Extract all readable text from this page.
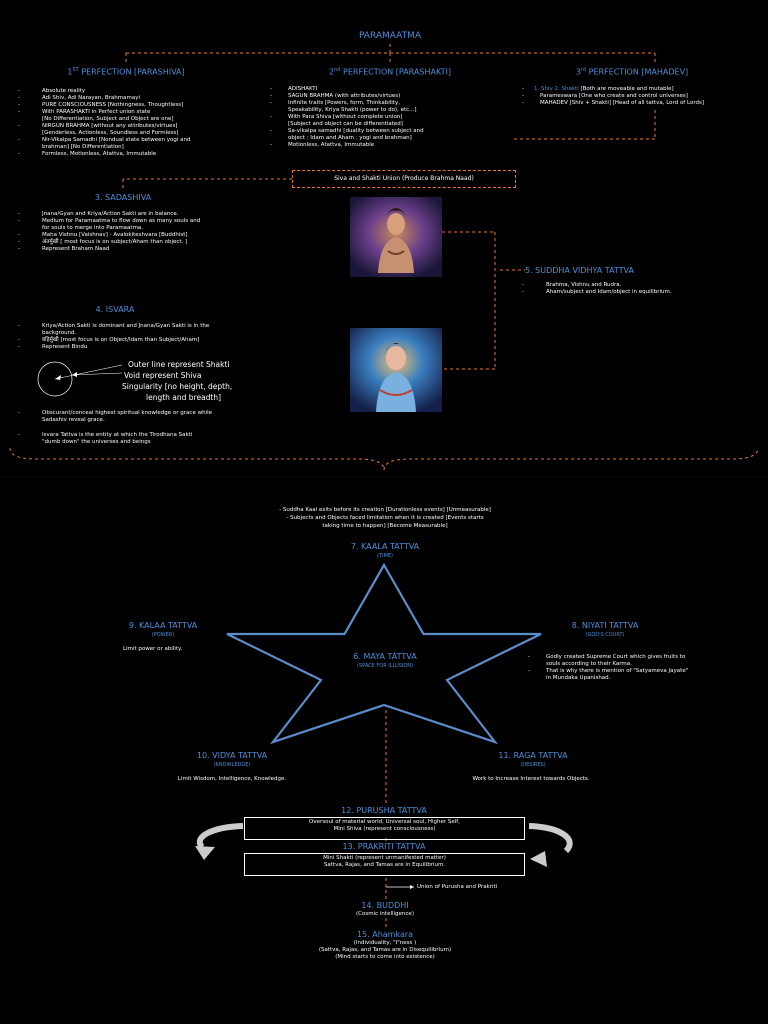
PARAMAATMA
1ST PERFECTION [PARASHIVA]
- Absolute reality
- Adi Shiv, Adi Narayan, Brahmamayi
- PURE CONSCIOUSNESS [Nothingness, Thoughtless]
- With PARASHAKTI in Perfect union state
[No Differentiation, Subject and Object are one]
- NIRGUN BRAHMA [without any attributes/virtues]
[Genderless, Actionless, Soundless and Formless]
- Nir-Vikalpa Samadhi [Nondual state between yogi and
brahman] [No Differentiation]
- Formless, Motionless, Atattva, Immutable
2nd PERFECTION [PARASHAKTI]
- ADISHAKTI
- SAGUN BRAHMA (with attributes/virtues)
- Infinite traits [Powers, form, Thinkability,
Speakability, Kriya Shakti (power to do), etc...]
- With Para Shiva [without complete union]
[Subject and object can be differentiated]
- Sa-vikalpa samadhi [duality between subject and
object : Idam and Aham : yogi and brahman]
- Motionless, Atattva, Immutable
3rd PERFECTION [MAHADEV]
- 1. Shiv 2. Shakti [Both are moveable and mutable]
- Parameswara [One who create and control universes]
- MAHADEV [Shiv + Shakti] [Head of all tattva, Lord of Lords]
Siva and Shakti Union (Produce Brahma Naad)
3. SADASHIVA
- Jnana/Gyan and Kriya/Action Sakti are in balance.
- Medium for Paramaatma to flow down as many souls and
for souls to merge into Paramaatma.
- Maha Vishnu [Vaishnav] - Avalokiteshvara [Buddhist]
- अंतर्मुखी [ most focus is on subject/Aham than object. ]
- Represent Braham Naad
5. SUDDHA VIDHYA TATTVA
- Brahma, Vishnu and Rudra.
- Aham/subject and Idam/object in equilibrium.
4. ISVARA
- Kriya/Action Sakti is dominant and Jnana/Gyan Sakti is in the
background.
- बहिर्मुखी [most focus is on Object/Idam than Subject/Aham]
- Represent Bindu
Outer line represent Shakti
Void represent Shiva
Singularity [no height, depth,
length and breadth]
- Obscurant/conceal highest spiritual knowledge or grace while
Sadashiv reveal grace.
- Isvara Tattva is the entity at which the Tirodhana Sakti
"dumb down" the universes and beings
- Suddha Kaal exits before its creation [Durationless events] [Unmeasurable]
- Subjects and Objects faced limitation when it is created [Events starts
taking time to happen] [Become Measurable]
7. KAALA TATTVA
(TIME)
6. MAYA TATTVA
(SPACE FOR ILLUSION)
9. KALAA TATTVA
(POWER)
Limit power or ability.
8. NIYATI TATTVA
(GOD'S COURT)
- Godly created Supreme Court which gives fruits to
souls according to their Karma.
- That is why there is mention of "Satyameva Jayate"
in Mundaka Upanishad.
10. VIDYA TATTVA
(KNOWLEDGE)
Limit Wisdom, Intelligence, Knowledge.
11. RAGA TATTVA
(DESIRES)
Work to Increase Interest towards Objects.
12. PURUSHA TATTVA
Oversoul of material world, Universal soul, Higher Self,
Mini Shiva (represent consciousness)
13. PRAKRITI TATTVA
Mini Shakti (represent unmanifested matter)
Sattva, Rajas, and Tamas are in Equilibrium.
Union of Purusha and Prakriti
14. BUDDHI
(Cosmic intelligence)
15. Ahamkara
(Individuality, "I"ness )
(Sattva, Rajas, and Tamas are in Disequilibrium)
(Mind starts to come into existence)
